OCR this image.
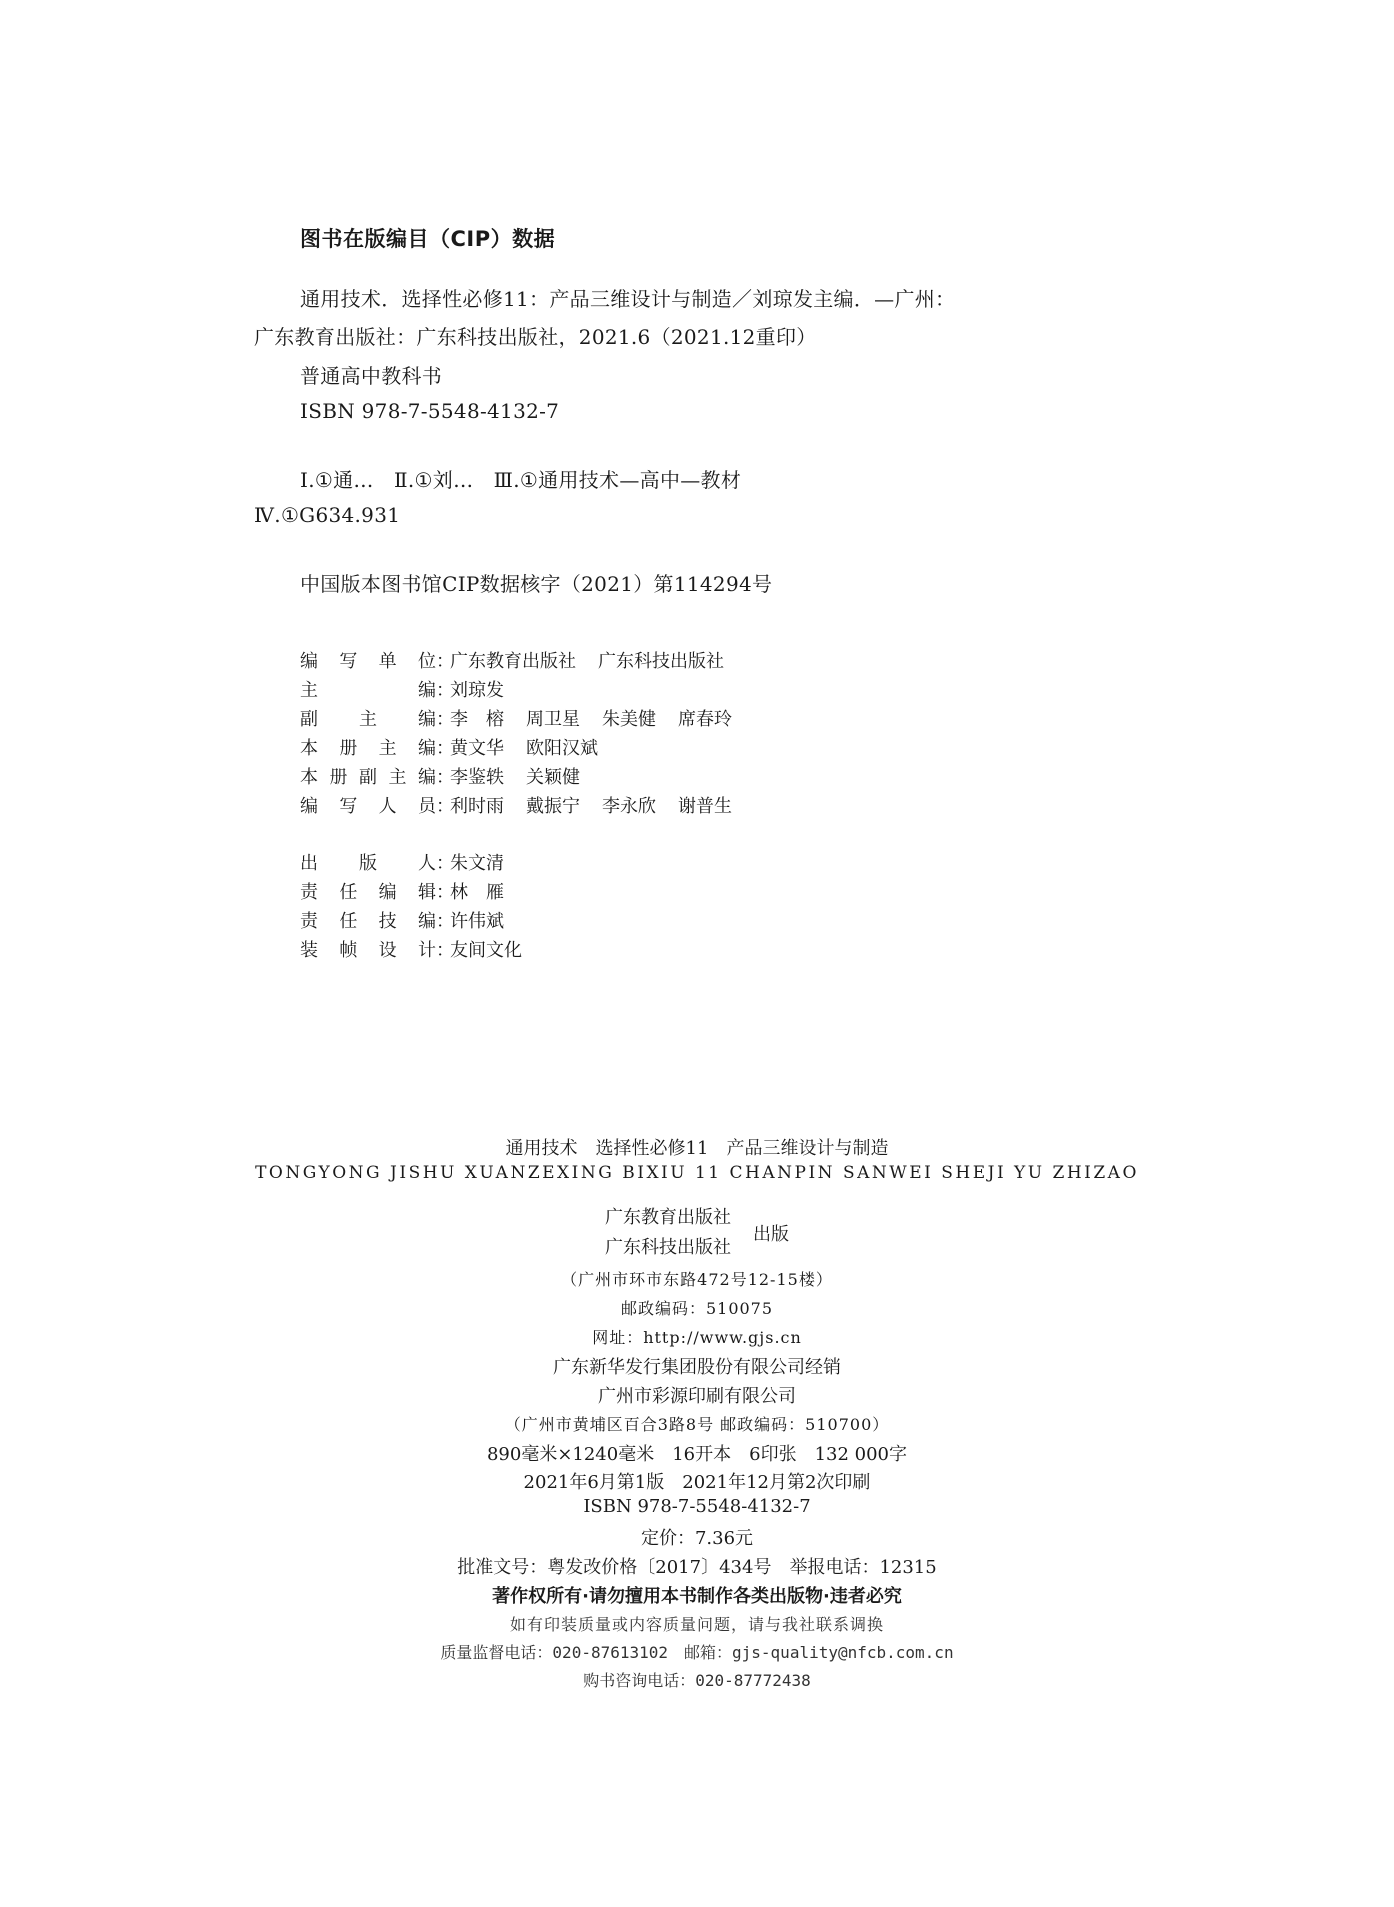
图书在版编目（CIP）数据
通用技术．选择性必修11：产品三维设计与制造／刘琼发主编．—广州：
广东教育出版社：广东科技出版社，2021.6（2021.12重印）
普通高中教科书
ISBN 978-7-5548-4132-7
Ⅰ.①通…　Ⅱ.①刘…　Ⅲ.①通用技术—高中—教材
Ⅳ.①G634.931
中国版本图书馆CIP数据核字（2021）第114294号
编 写 单 位 ：
广东教育出版社 广东科技出版社
主	编 ：
刘琼发
副 主 编 ：
李　榕 周卫星 朱美健 席春玲
本 册 主 编 ：
黄文华 欧阳汉斌
本 册 副 主 编 ：
李鉴轶 关颖健
编 写 人 员 ：
利时雨 戴振宁 李永欣 谢普生
出 版 人 ：
朱文清
责 任 编 辑 ：
林　雁
责 任 技 编 ：
许伟斌
装 帧 设 计 ：
友间文化
通用技术　选择性必修11　产品三维设计与制造
TONGYONG JISHU XUANZEXING BIXIU 11 CHANPIN SANWEI SHEJI YU ZHIZAO
广东教育出版社
广东科技出版社
出版
（广州市环市东路472号12-15楼）
邮政编码：510075
网址：http://www.gjs.cn
广东新华发行集团股份有限公司经销
广州市彩源印刷有限公司
（广州市黄埔区百合3路8号 邮政编码：510700）
890毫米×1240毫米　16开本　6印张　132 000字
2021年6月第1版　2021年12月第2次印刷
ISBN 978-7-5548-4132-7
定价：7.36元
批准文号：粤发改价格〔2017〕434号　举报电话：12315
著作权所有·请勿擅用本书制作各类出版物·违者必究
如有印装质量或内容质量问题，请与我社联系调换
质量监督电话：020-87613102　邮箱：gjs-quality@nfcb.com.cn
购书咨询电话：020-87772438
